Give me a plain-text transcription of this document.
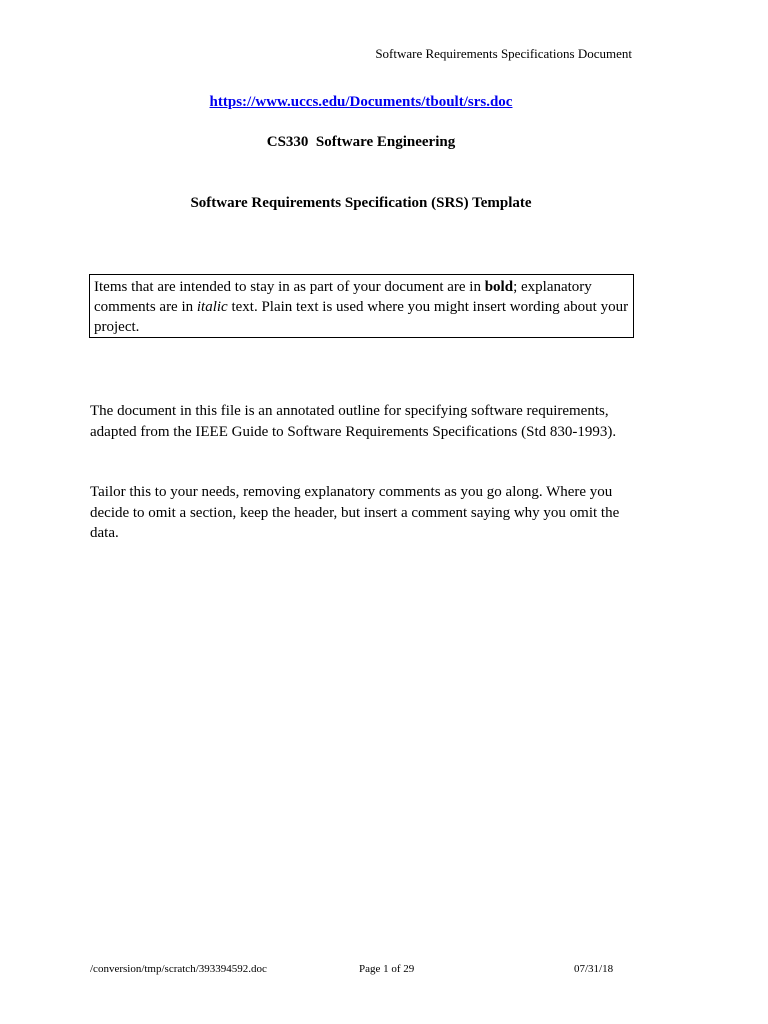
Software Requirements Specifications Document
https://www.uccs.edu/Documents/tboult/srs.doc
CS330  Software Engineering
Software Requirements Specification (SRS) Template
Items that are intended to stay in as part of your document are in bold; explanatory comments are in italic text. Plain text is used where you might insert wording about your project.
The document in this file is an annotated outline for specifying software requirements, adapted from the IEEE Guide to Software Requirements Specifications (Std 830-1993).
Tailor this to your needs, removing explanatory comments as you go along. Where you decide to omit a section, keep the header, but insert a comment saying why you omit the data.
/conversion/tmp/scratch/393394592.doc	Page 1 of 29	07/31/18
